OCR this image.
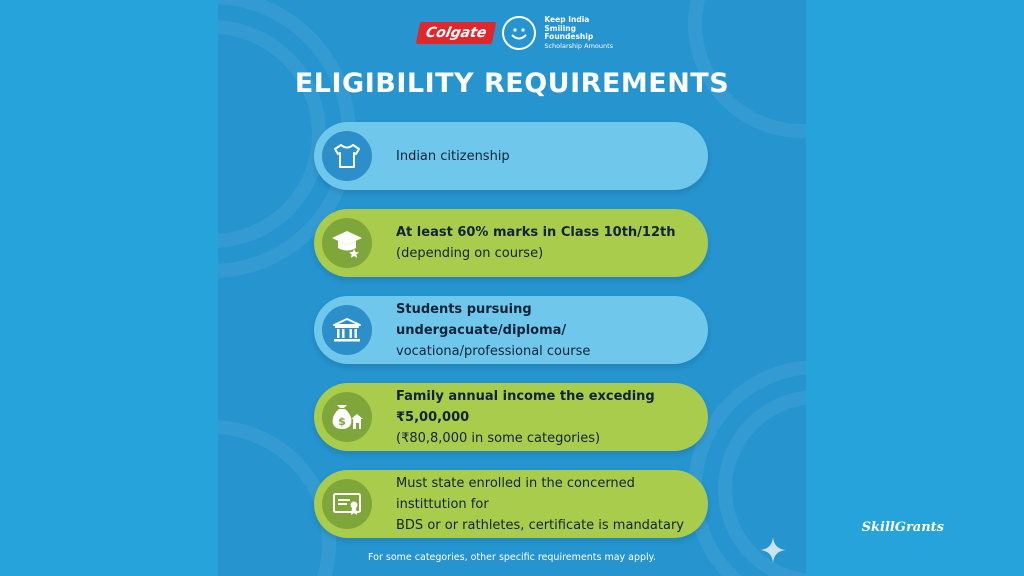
Colgate
Keep India
Smiling
Foundeship
Scholarship Amounts
ELIGIBILITY REQUIREMENTS
Indian citizenship
At least 60% marks in Class 10th/12th
(depending on course)
Students pursuing undergacuate/diploma/
vocationa/professional course
$
Family annual income the exceding ₹5,00,000
(₹80,8,000 in some categories)
Must state enrolled in the concerned instittution for
BDS or or rathletes, certificate is mandatary
For some categories, other specific requirements may apply.
SkillGrants
